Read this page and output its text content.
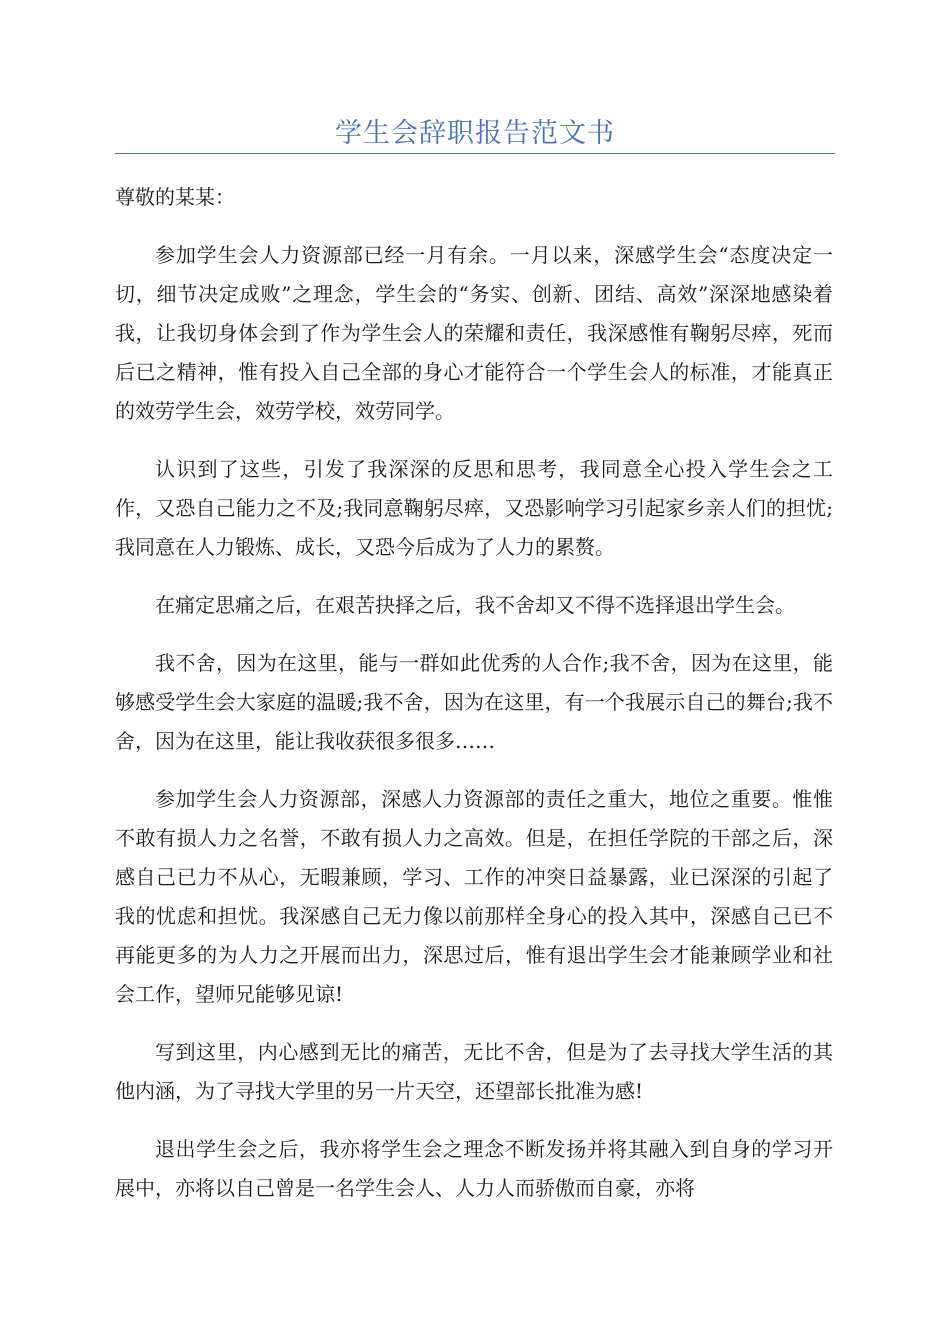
学生会辞职报告范文书

尊敬的某某：

参加学生会人力资源部已经一月有余。一月以来，深感学生会“态度决定一切，细节决定成败”之理念，学生会的“务实、创新、团结、高效”深深地感染着我，让我切身体会到了作为学生会人的荣耀和责任，我深感惟有鞠躬尽瘁，死而后已之精神，惟有投入自己全部的身心才能符合一个学生会人的标准，才能真正的效劳学生会，效劳学校，效劳同学。

认识到了这些，引发了我深深的反思和思考，我同意全心投入学生会之工作，又恐自己能力之不及;我同意鞠躬尽瘁，又恐影响学习引起家乡亲人们的担忧;我同意在人力锻炼、成长，又恐今后成为了人力的累赘。

在痛定思痛之后，在艰苦抉择之后，我不舍却又不得不选择退出学生会。

我不舍，因为在这里，能与一群如此优秀的人合作;我不舍，因为在这里，能够感受学生会大家庭的温暖;我不舍，因为在这里，有一个我展示自己的舞台;我不舍，因为在这里，能让我收获很多很多……

参加学生会人力资源部，深感人力资源部的责任之重大，地位之重要。惟惟不敢有损人力之名誉，不敢有损人力之高效。但是，在担任学院的干部之后，深感自己已力不从心，无暇兼顾，学习、工作的冲突日益暴露，业已深深的引起了我的忧虑和担忧。我深感自己无力像以前那样全身心的投入其中，深感自己已不再能更多的为人力之开展而出力，深思过后，惟有退出学生会才能兼顾学业和社会工作，望师兄能够见谅!

写到这里，内心感到无比的痛苦，无比不舍，但是为了去寻找大学生活的其他内涵，为了寻找大学里的另一片天空，还望部长批准为感!

退出学生会之后，我亦将学生会之理念不断发扬并将其融入到自身的学习开展中，亦将以自己曾是一名学生会人、人力人而骄傲而自豪，亦将
